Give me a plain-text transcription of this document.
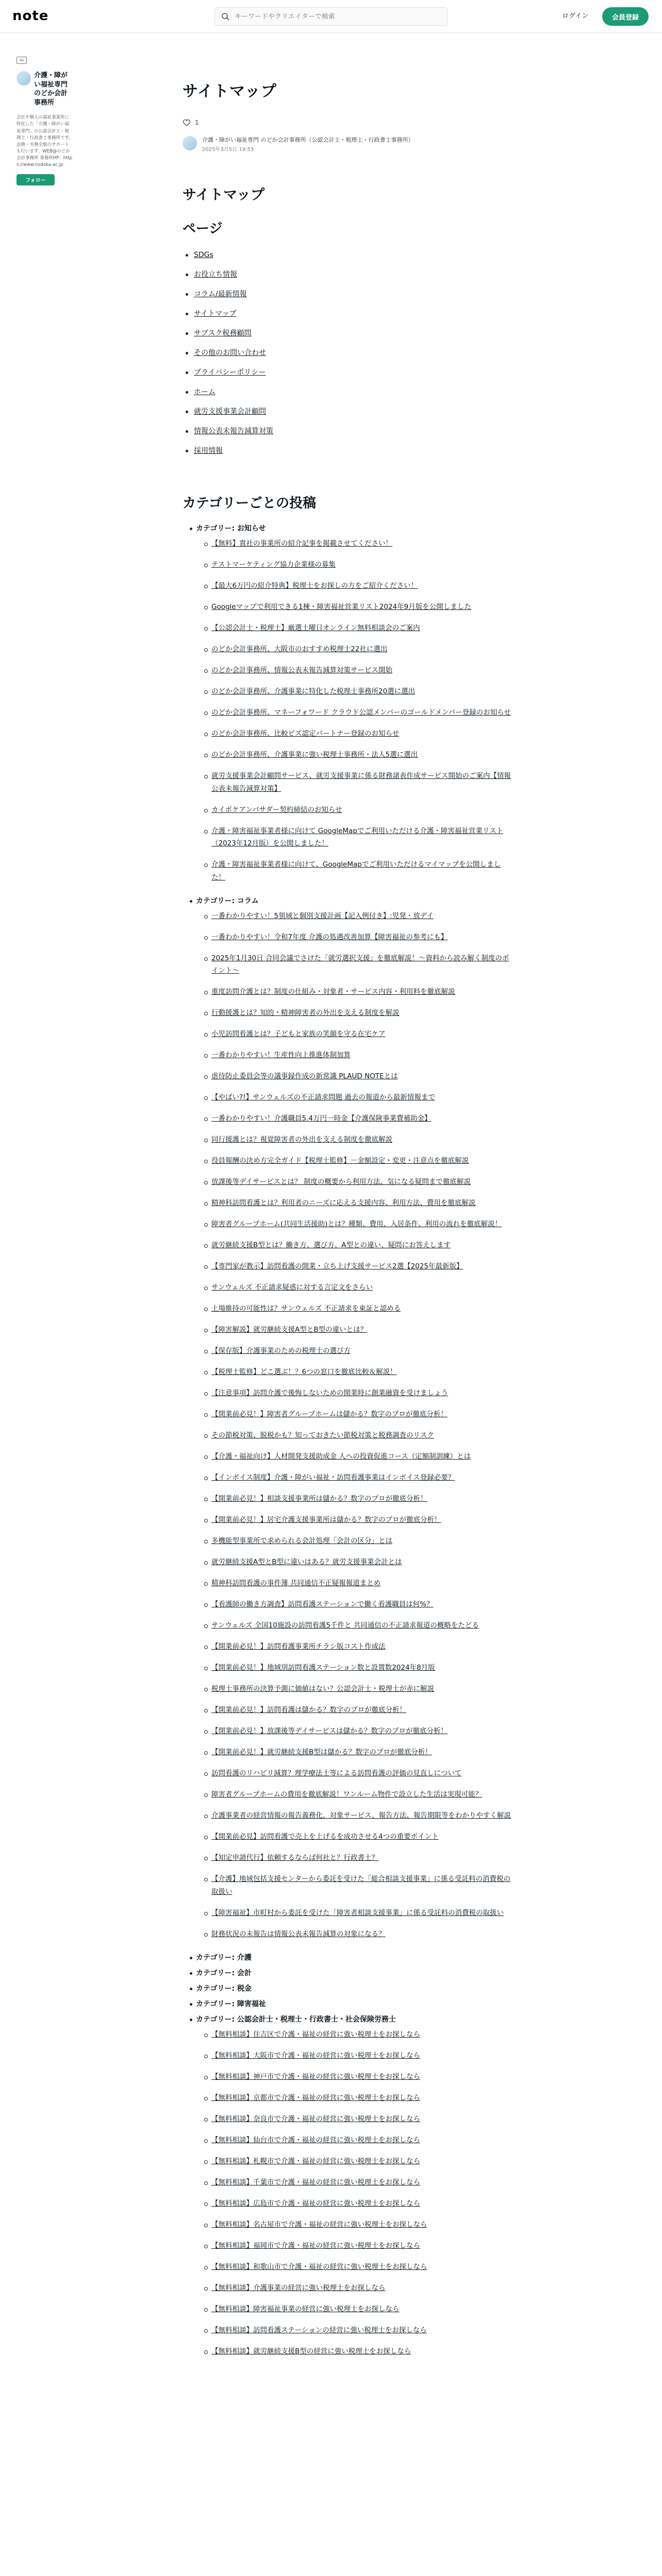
note
キーワードやクリエイターで検索	ログイン	会員登録
AI
介護・障がい福祉専門 のどか会計事務所
会社や個人の福祉事業所に特化した「介護・障がい福祉専門」の公認会計士・税理士・行政書士事務所です。法務・労務全般のサポートも行います。WEB@のどか会計事務所 事務所HP：https://www.nodoka-ac.jp
フォロー
サイトマップ
1
介護・障がい福祉専門 のどか会計事務所（公認会計士・税理士・行政書士事務所）
2025年3月5日 19:53
サイトマップ
ページ
SDGs
お役立ち情報
コラム/最新情報
サイトマップ
サブスク税務顧問
その他のお問い合わせ
プライバシーポリシー
ホーム
就労支援事業会計顧問
情報公表未報告減算対策
採用情報
カテゴリーごとの投稿
カテゴリー: お知らせ
【無料】貴社の事業所の紹介記事を掲載させてください！
テストマーケティング協力企業様の募集
【最大6万円の紹介特典】税理士をお探しの方をご紹介ください！
Googleマップで利用できる1棟・障害福祉営業リスト2024年9月版を公開しました
【公認会計士・税理士】厳選土曜日オンライン無料相談会のご案内
のどか会計事務所、大阪市のおすすめ税理士22社に選出
のどか会計事務所、情報公表未報告減算対策サービス開始
のどか会計事務所、介護事業に特化した税理士事務所20選に選出
のどか会計事務所、マネーフォワード クラウド公認メンバーのゴールドメンバー登録のお知らせ
のどか会計事務所、比較ビズ認定パートナー登録のお知らせ
のどか会計事務所、介護事業に強い税理士事務所・法人5選に選出
就労支援事業会計顧問サービス、就労支援事業に係る財務諸表作成サービス開始のご案内【情報公表未報告減算対策】
カイポケアンバサダー契約締結のお知らせ
介護・障害福祉事業者様に向けて GoogleMapでご利用いただける介護・障害福祉営業リスト（2023年12月版）を公開しました！
介護・障害福祉事業者様に向けて、GoogleMapでご利用いただけるマイマップを公開しました！
カテゴリー: コラム
一番わかりやすい！5領域と個別支援計画【記入例付き】:児発・放デイ
一番わかりやすい！令和7年度 介護の処遇改善加算【障害福祉の参考にも】
2025年1月30日 合同会議でさけた「就労選択支援」を徹底解説！〜資料から読み解く制度のポイント〜
重度訪問介護とは？制度の仕組み・対象者・サービス内容・利用料を徹底解説
行動援護とは？知的・精神障害者の外出を支える制度を解説
小児訪問看護とは？子どもと家族の笑顔を守る在宅ケア
一番わかりやすい！生産性向上推進体制加算
虐待防止委員会等の議事録作成の新常識 PLAUD NOTEとは
【やばい?!】サンウェルズの不正請求問題 過去の報道から最新情報まで
一番わかりやすい！介護職員5.4万円一時金【介護保険事業費補助金】
同行援護とは？視覚障害者の外出を支える制度を徹底解説
役員報酬の決め方完全ガイド【税理士監修】－金額設定・変更・注意点を徹底解説
放課後等デイサービスとは？ 制度の概要から利用方法、気になる疑問まで徹底解説
精神科訪問看護とは？利用者のニーズに応える支援内容、利用方法、費用を徹底解説
障害者グループホーム(共同生活援助)とは？種類、費用、入居条件、利用の流れを徹底解説！
就労継続支援B型とは？働き方、選び方、A型との違い、疑問にお答えします
【専門家が教示】訪問看護の開業・立ち上げ支援サービス2選【2025年最新版】
サンウェルズ 不正請求疑惑に対する言定文をさらい
上場維持の可能性は？サンウェルズ 不正請求を東証と認める
【障害解説】就労継続支援A型とB型の違いとは？
【保存版】介護事業のための税理士の選び方
【税理士監修】どこ選ぶ！？6つの窓口を徹底比較＆解説！
【注意事項】訪問介護で後悔しないための開業時に創業融資を受けましょう
【開業前必見！】障害者グループホームは儲かる？数字のプロが徹底分析！
その節税対策、脱税かも？知っておきたい節税対策と税務調査のリスク
【介護・福祉向け】人材開発支援助成金 人への投資促進コース（定額制訓練）とは
【インボイス制度】介護・障がい福祉・訪問看護事業はインボイス登録必要？
【開業前必見！】相談支援事業所は儲かる？数字のプロが徹底分析！
【開業前必見！】居宅介護支援事業所は儲かる？数字のプロが徹底分析！
多機能型事業所で求められる会計処理「会計の区分」とは
就労継続支援A型とB型に違いはある？就労支援事業会計とは
精神科訪問看護の事件簿 共同通信不正疑報報道まとめ
【看護師の働き方調査】訪問看護ステーションで働く看護職員は何%？
サンウェルズ 全国10施設の訪問看護5千件と 共同通信の不正請求報道の概略をたどる
【開業前必見！】訪問看護事業所チラシ版コスト作成法
【開業前必見！】地域別訪問看護ステーション数と設置数2024年8月版
税理士事務所の決算予測に価値はない？公認会計士・税理士が赤に解説
【開業前必見！】訪問看護は儲かる？数字のプロが徹底分析！
【開業前必見！】放課後等デイサービスは儲かる？数字のプロが徹底分析！
【開業前必見！】就労継続支援B型は儲かる？数字のプロが徹底分析！
訪問看護のリハビリ減算？理学療法士等による訪問看護の評価の見直しについて
障害者グループホームの費用を徹底解説！ワンルーム物件で設立した生活は実現可能？
介護事業者の経営情報の報告義務化、対象サービス、報告方法、報告期限等をわかりやすく解説
【開業前必見】訪問看護で売上を上げるを成功させる4つの重要ポイント
【知定申請代行】依頼するならば何社と？行政書士？
【介護】地域包括支援センターから委託を受けた「総合相談支援事業」に係る受託料の消費税の取扱い
【障害福祉】市町村から委託を受けた「障害者相談支援事業」に係る受託料の消費税の取扱い
財務状況の未報告は情報公表未報告減算の対象になる？
カテゴリー: 介護
カテゴリー: 会計
カテゴリー: 税金
カテゴリー: 障害福祉
カテゴリー: 公認会計士・税理士・行政書士・社会保険労務士
【無料相談】住吉区で介護・福祉の経営に強い税理士をお探しなら
【無料相談】大阪市で介護・福祉の経営に強い税理士をお探しなら
【無料相談】神戸市で介護・福祉の経営に強い税理士をお探しなら
【無料相談】京都市で介護・福祉の経営に強い税理士をお探しなら
【無料相談】奈良市で介護・福祉の経営に強い税理士をお探しなら
【無料相談】仙台市で介護・福祉の経営に強い税理士をお探しなら
【無料相談】札幌市で介護・福祉の経営に強い税理士をお探しなら
【無料相談】千葉市で介護・福祉の経営に強い税理士をお探しなら
【無料相談】広島市で介護・福祉の経営に強い税理士をお探しなら
【無料相談】名古屋市で介護・福祉の経営に強い税理士をお探しなら
【無料相談】福岡市で介護・福祉の経営に強い税理士をお探しなら
【無料相談】和歌山市で介護・福祉の経営に強い税理士をお探しなら
【無料相談】介護事業の経営に強い税理士をお探しなら
【無料相談】障害福祉事業の経営に強い税理士をお探しなら
【無料相談】訪問看護ステーションの経営に強い税理士をお探しなら
【無料相談】就労継続支援B型の経営に強い税理士をお探しなら
